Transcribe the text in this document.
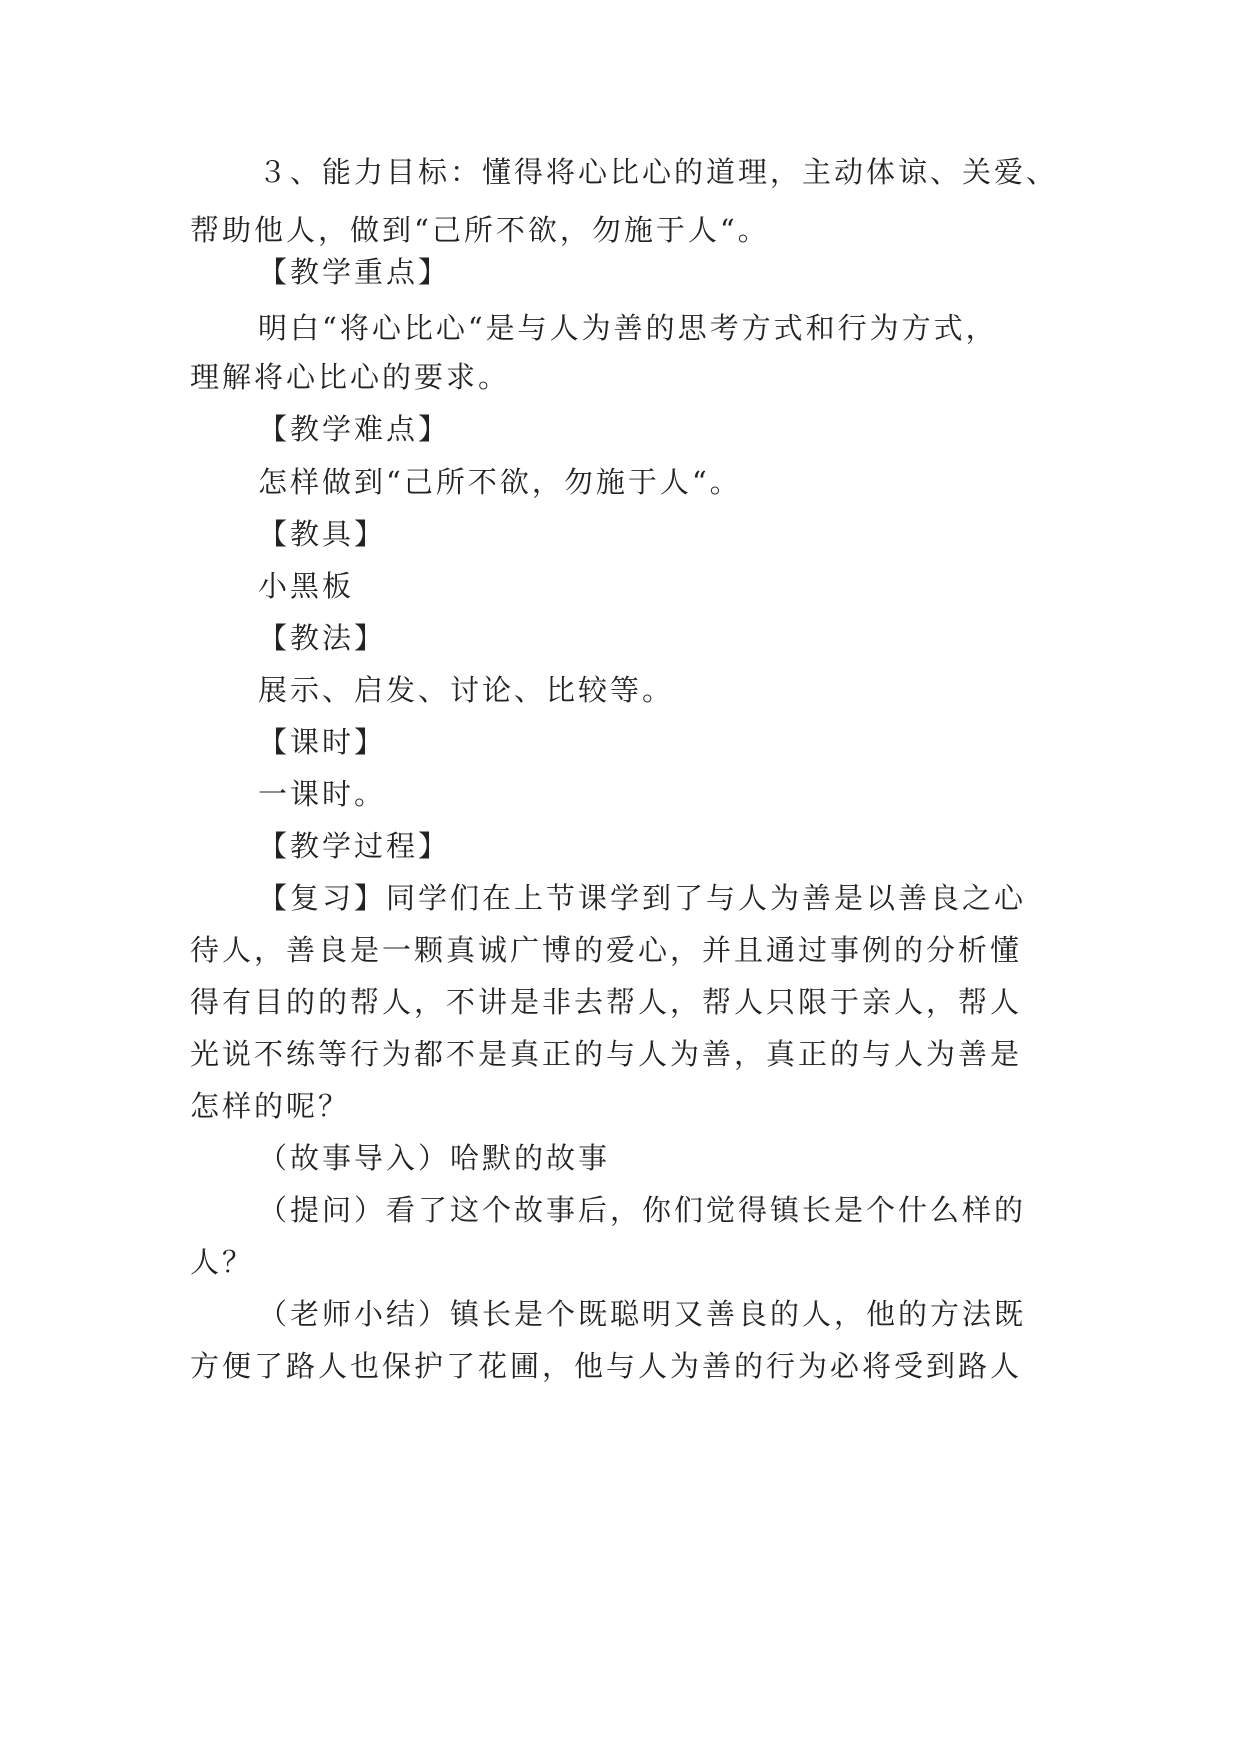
３、能力目标：懂得将心比心的道理，主动体谅、关爱、
帮助他人，做到“己所不欲，勿施于人“。
【教学重点】
明白“将心比心“是与人为善的思考方式和行为方式，
理解将心比心的要求。
【教学难点】
怎样做到“己所不欲，勿施于人“。
【教具】
小黑板
【教法】
展示、启发、讨论、比较等。
【课时】
一课时。
【教学过程】
【复习】同学们在上节课学到了与人为善是以善良之心
待人，善良是一颗真诚广博的爱心，并且通过事例的分析懂
得有目的的帮人，不讲是非去帮人，帮人只限于亲人，帮人
光说不练等行为都不是真正的与人为善，真正的与人为善是
怎样的呢？
（故事导入）哈默的故事
（提问）看了这个故事后，你们觉得镇长是个什么样的
人？
（老师小结）镇长是个既聪明又善良的人，他的方法既
方便了路人也保护了花圃，他与人为善的行为必将受到路人
